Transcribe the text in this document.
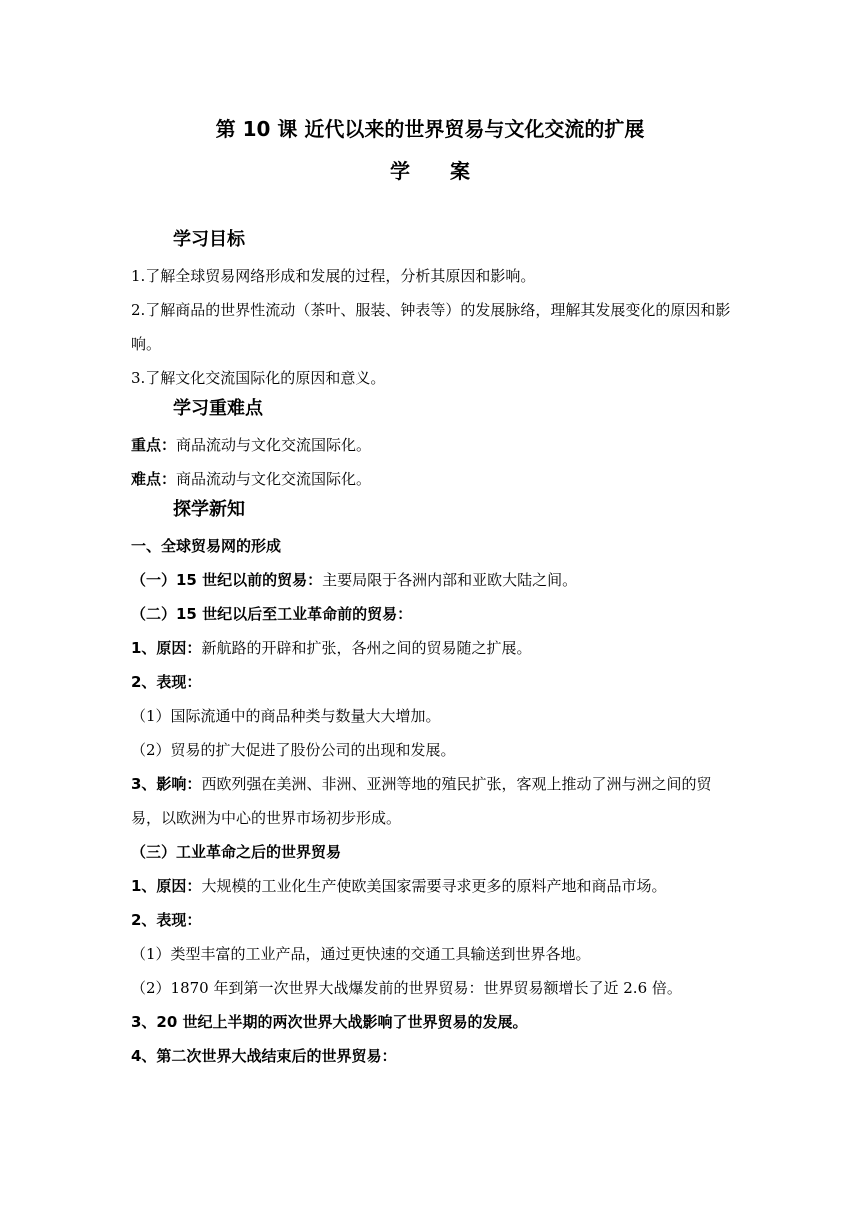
第 10 课 近代以来的世界贸易与文化交流的扩展
学案
学习目标
1.了解全球贸易网络形成和发展的过程，分析其原因和影响。
2.了解商品的世界性流动（茶叶、服装、钟表等）的发展脉络，理解其发展变化的原因和影响。
3.了解文化交流国际化的原因和意义。
学习重难点
重点：商品流动与文化交流国际化。
难点：商品流动与文化交流国际化。
探学新知
一、全球贸易网的形成
（一）15 世纪以前的贸易：主要局限于各洲内部和亚欧大陆之间。
（二）15 世纪以后至工业革命前的贸易：
1、原因：新航路的开辟和扩张，各州之间的贸易随之扩展。
2、表现：
（1）国际流通中的商品种类与数量大大增加。
（2）贸易的扩大促进了股份公司的出现和发展。
3、影响：西欧列强在美洲、非洲、亚洲等地的殖民扩张，客观上推动了洲与洲之间的贸易，以欧洲为中心的世界市场初步形成。
（三）工业革命之后的世界贸易
1、原因：大规模的工业化生产使欧美国家需要寻求更多的原料产地和商品市场。
2、表现：
（1）类型丰富的工业产品，通过更快速的交通工具输送到世界各地。
（2）1870 年到第一次世界大战爆发前的世界贸易：世界贸易额增长了近 2.6 倍。
3、20 世纪上半期的两次世界大战影响了世界贸易的发展。
4、第二次世界大战结束后的世界贸易：
